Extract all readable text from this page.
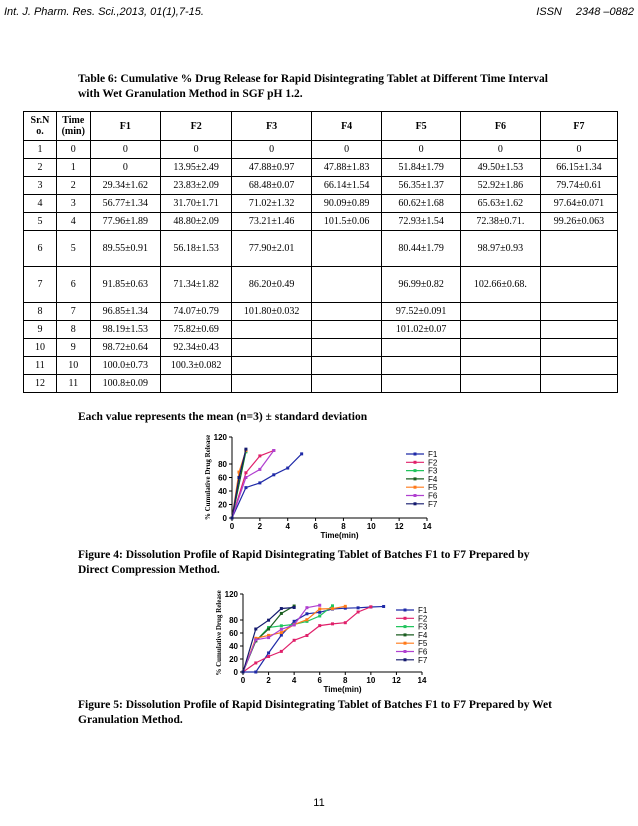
Int. J. Pharm. Res. Sci.,2013, 01(1),7-15.	ISSN 2348 –0882
Table 6: Cumulative % Drug Release for Rapid Disintegrating Tablet at Different Time Interval with Wet Granulation Method in SGF pH 1.2.
Sr.N o.	Time (min)	F1	F2	F3	F4	F5	F6	F7
1	0	0	0	0	0	0	0	0
2	1	0	13.95±2.49	47.88±0.97	47.88±1.83	51.84±1.79	49.50±1.53	66.15±1.34
3	2	29.34±1.62	23.83±2.09	68.48±0.07	66.14±1.54	56.35±1.37	52.92±1.86	79.74±0.61
4	3	56.77±1.34	31.70±1.71	71.02±1.32	90.09±0.89	60.62±1.68	65.63±1.62	97.64±0.071
5	4	77.96±1.89	48.80±2.09	73.21±1.46	101.5±0.06	72.93±1.54	72.38±0.71.	99.26±0.063
6	5	89.55±0.91	56.18±1.53	77.90±2.01		80.44±1.79	98.97±0.93	
7	6	91.85±0.63	71.34±1.82	86.20±0.49		96.99±0.82	102.66±0.68.	
8	7	96.85±1.34	74.07±0.79	101.80±0.032		97.52±0.091		
9	8	98.19±1.53	75.82±0.69			101.02±0.07		
10	9	98.72±0.64	92.34±0.43					
11	10	100.0±0.73	100.3±0.082					
12	11	100.8±0.09						
Each value represents the mean (n=3) ± standard deviation
0	2	4	6	8	10 12 14
0
20
40
60
80
120
Time(min)
% Cumulative Drug Release	F1
F2
F3
F4
F5
F6
F7
Figure 4: Dissolution Profile of Rapid Disintegrating Tablet of Batches F1 to F7 Prepared by Direct Compression Method.
0	2	4	6	8 10 12 14
0
20
40
60
80
120
Time(min)
% Cumulative Drug Release	F1
F2
F3
F4
F5
F6
F7
Figure 5: Dissolution Profile of Rapid Disintegrating Tablet of Batches F1 to F7 Prepared by Wet Granulation Method.
11
